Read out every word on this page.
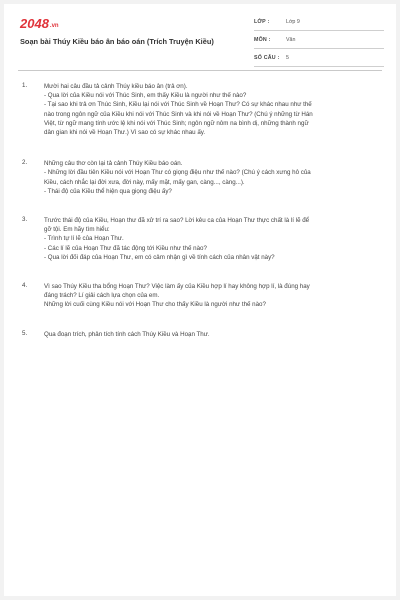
2048.vn
Soạn bài Thúy Kiều báo ân báo oán (Trích Truyện Kiều)
LỚP :	Lớp 9
MÔN :	Văn
SỐ CÂU : 5
1.	Mười hai câu đầu tả cảnh Thúy kiều báo ân (trả ơn).
- Qua lời của Kiều nói với Thúc Sinh, em thấy Kiều là người như thế nào?
- Tại sao khi trả ơn Thúc Sinh, Kiều lại nói với Thúc Sinh về Hoạn Thư? Có sự khác nhau như thế
nào trong ngôn ngữ của Kiều khi nói với Thúc Sinh và khi nói về Hoạn Thư? (Chú ý những từ Hán
Việt, từ ngữ mang tính ước lệ khi nói với Thúc Sinh; ngôn ngữ nôm na bình dị, những thành ngữ
dân gian khi nói về Hoạn Thư.) Vì sao có sự khác nhau ấy.
2.	Những câu thơ còn lại tả cảnh Thúy Kiều báo oán.
- Những lời đầu tiên Kiều nói với Hoạn Thư có giọng điệu như thế nào? (Chú ý cách xưng hô của
Kiều, cách nhắc lại đời xưa, đời này, mấy mặt, mấy gan, càng..., càng...).
- Thái độ của Kiều thể hiện qua giọng điệu ấy?
3.	Trước thái độ của Kiều, Hoạn thư đã xử trí ra sao? Lời kêu ca của Hoạn Thư thực chất là lí lẽ để
gỡ tội. Em hãy tìm hiểu:
- Trình tự lí lẽ của Hoạn Thư.
- Các lí lẽ của Hoạn Thư đã tác động tới Kiều như thế nào?
- Qua lời đối đáp của Hoạn Thư, em có cảm nhận gì về tính cách của nhân vật này?
4.	Vì sao Thúy Kiều tha bổng Hoạn Thư? Việc làm ấy của Kiều hợp lí hay không hợp lí, là đúng hay
đáng trách? Lí giải cách lựa chọn của em.
Những lời cuối cùng Kiều nói với Hoạn Thư cho thấy Kiều là người như thế nào?
5.	Qua đoạn trích, phân tích tính cách Thúy Kiều và Hoạn Thư.
